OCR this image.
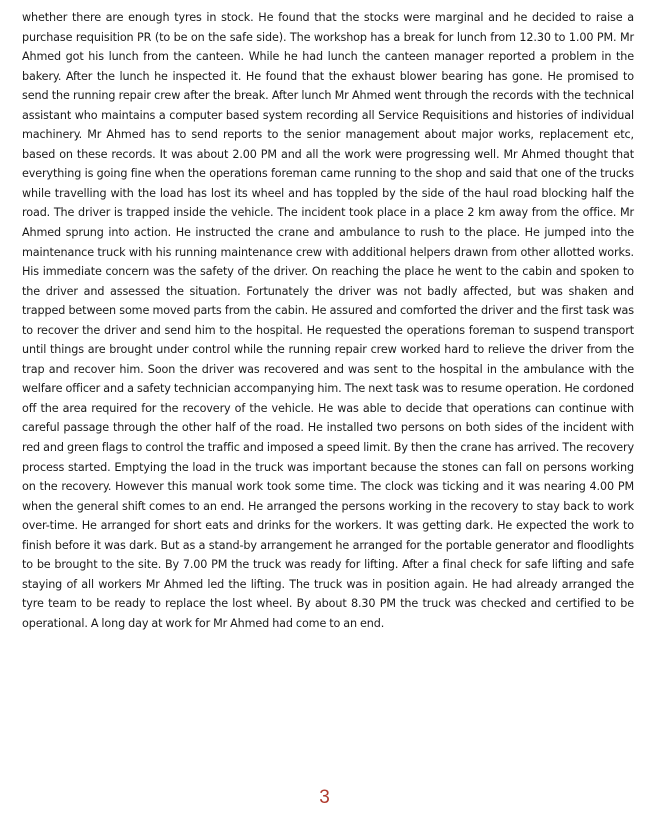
whether there are enough tyres in stock. He found that the stocks were marginal and he decided to raise a purchase requisition PR (to be on the safe side). The workshop has a break for lunch from 12.30 to 1.00 PM. Mr Ahmed got his lunch from the canteen. While he had lunch the canteen manager reported a problem in the bakery. After the lunch he inspected it. He found that the exhaust blower bearing has gone. He promised to send the running repair crew after the break. After lunch Mr Ahmed went through the records with the technical assistant who maintains a computer based system recording all Service Requisitions and histories of individual machinery. Mr Ahmed has to send reports to the senior management about major works, replacement etc, based on these records. It was about 2.00 PM and all the work were progressing well. Mr Ahmed thought that everything is going fine when the operations foreman came running to the shop and said that one of the trucks while travelling with the load has lost its wheel and has toppled by the side of the haul road blocking half the road. The driver is trapped inside the vehicle. The incident took place in a place 2 km away from the office. Mr Ahmed sprung into action. He instructed the crane and ambulance to rush to the place. He jumped into the maintenance truck with his running maintenance crew with additional helpers drawn from other allotted works. His immediate concern was the safety of the driver. On reaching the place he went to the cabin and spoken to the driver and assessed the situation. Fortunately the driver was not badly affected, but was shaken and trapped between some moved parts from the cabin. He assured and comforted the driver and the first task was to recover the driver and send him to the hospital. He requested the operations foreman to suspend transport until things are brought under control while the running repair crew worked hard to relieve the driver from the trap and recover him. Soon the driver was recovered and was sent to the hospital in the ambulance with the welfare officer and a safety technician accompanying him. The next task was to resume operation. He cordoned off the area required for the recovery of the vehicle. He was able to decide that operations can continue with careful passage through the other half of the road. He installed two persons on both sides of the incident with red and green flags to control the traffic and imposed a speed limit. By then the crane has arrived. The recovery process started. Emptying the load in the truck was important because the stones can fall on persons working on the recovery. However this manual work took some time. The clock was ticking and it was nearing 4.00 PM when the general shift comes to an end. He arranged the persons working in the recovery to stay back to work over-time. He arranged for short eats and drinks for the workers. It was getting dark. He expected the work to finish before it was dark. But as a stand-by arrangement he arranged for the portable generator and floodlights to be brought to the site. By 7.00 PM the truck was ready for lifting. After a final check for safe lifting and safe staying of all workers Mr Ahmed led the lifting. The truck was in position again. He had already arranged the tyre team to be ready to replace the lost wheel. By about 8.30 PM the truck was checked and certified to be operational. A long day at work for Mr Ahmed had come to an end.

3
